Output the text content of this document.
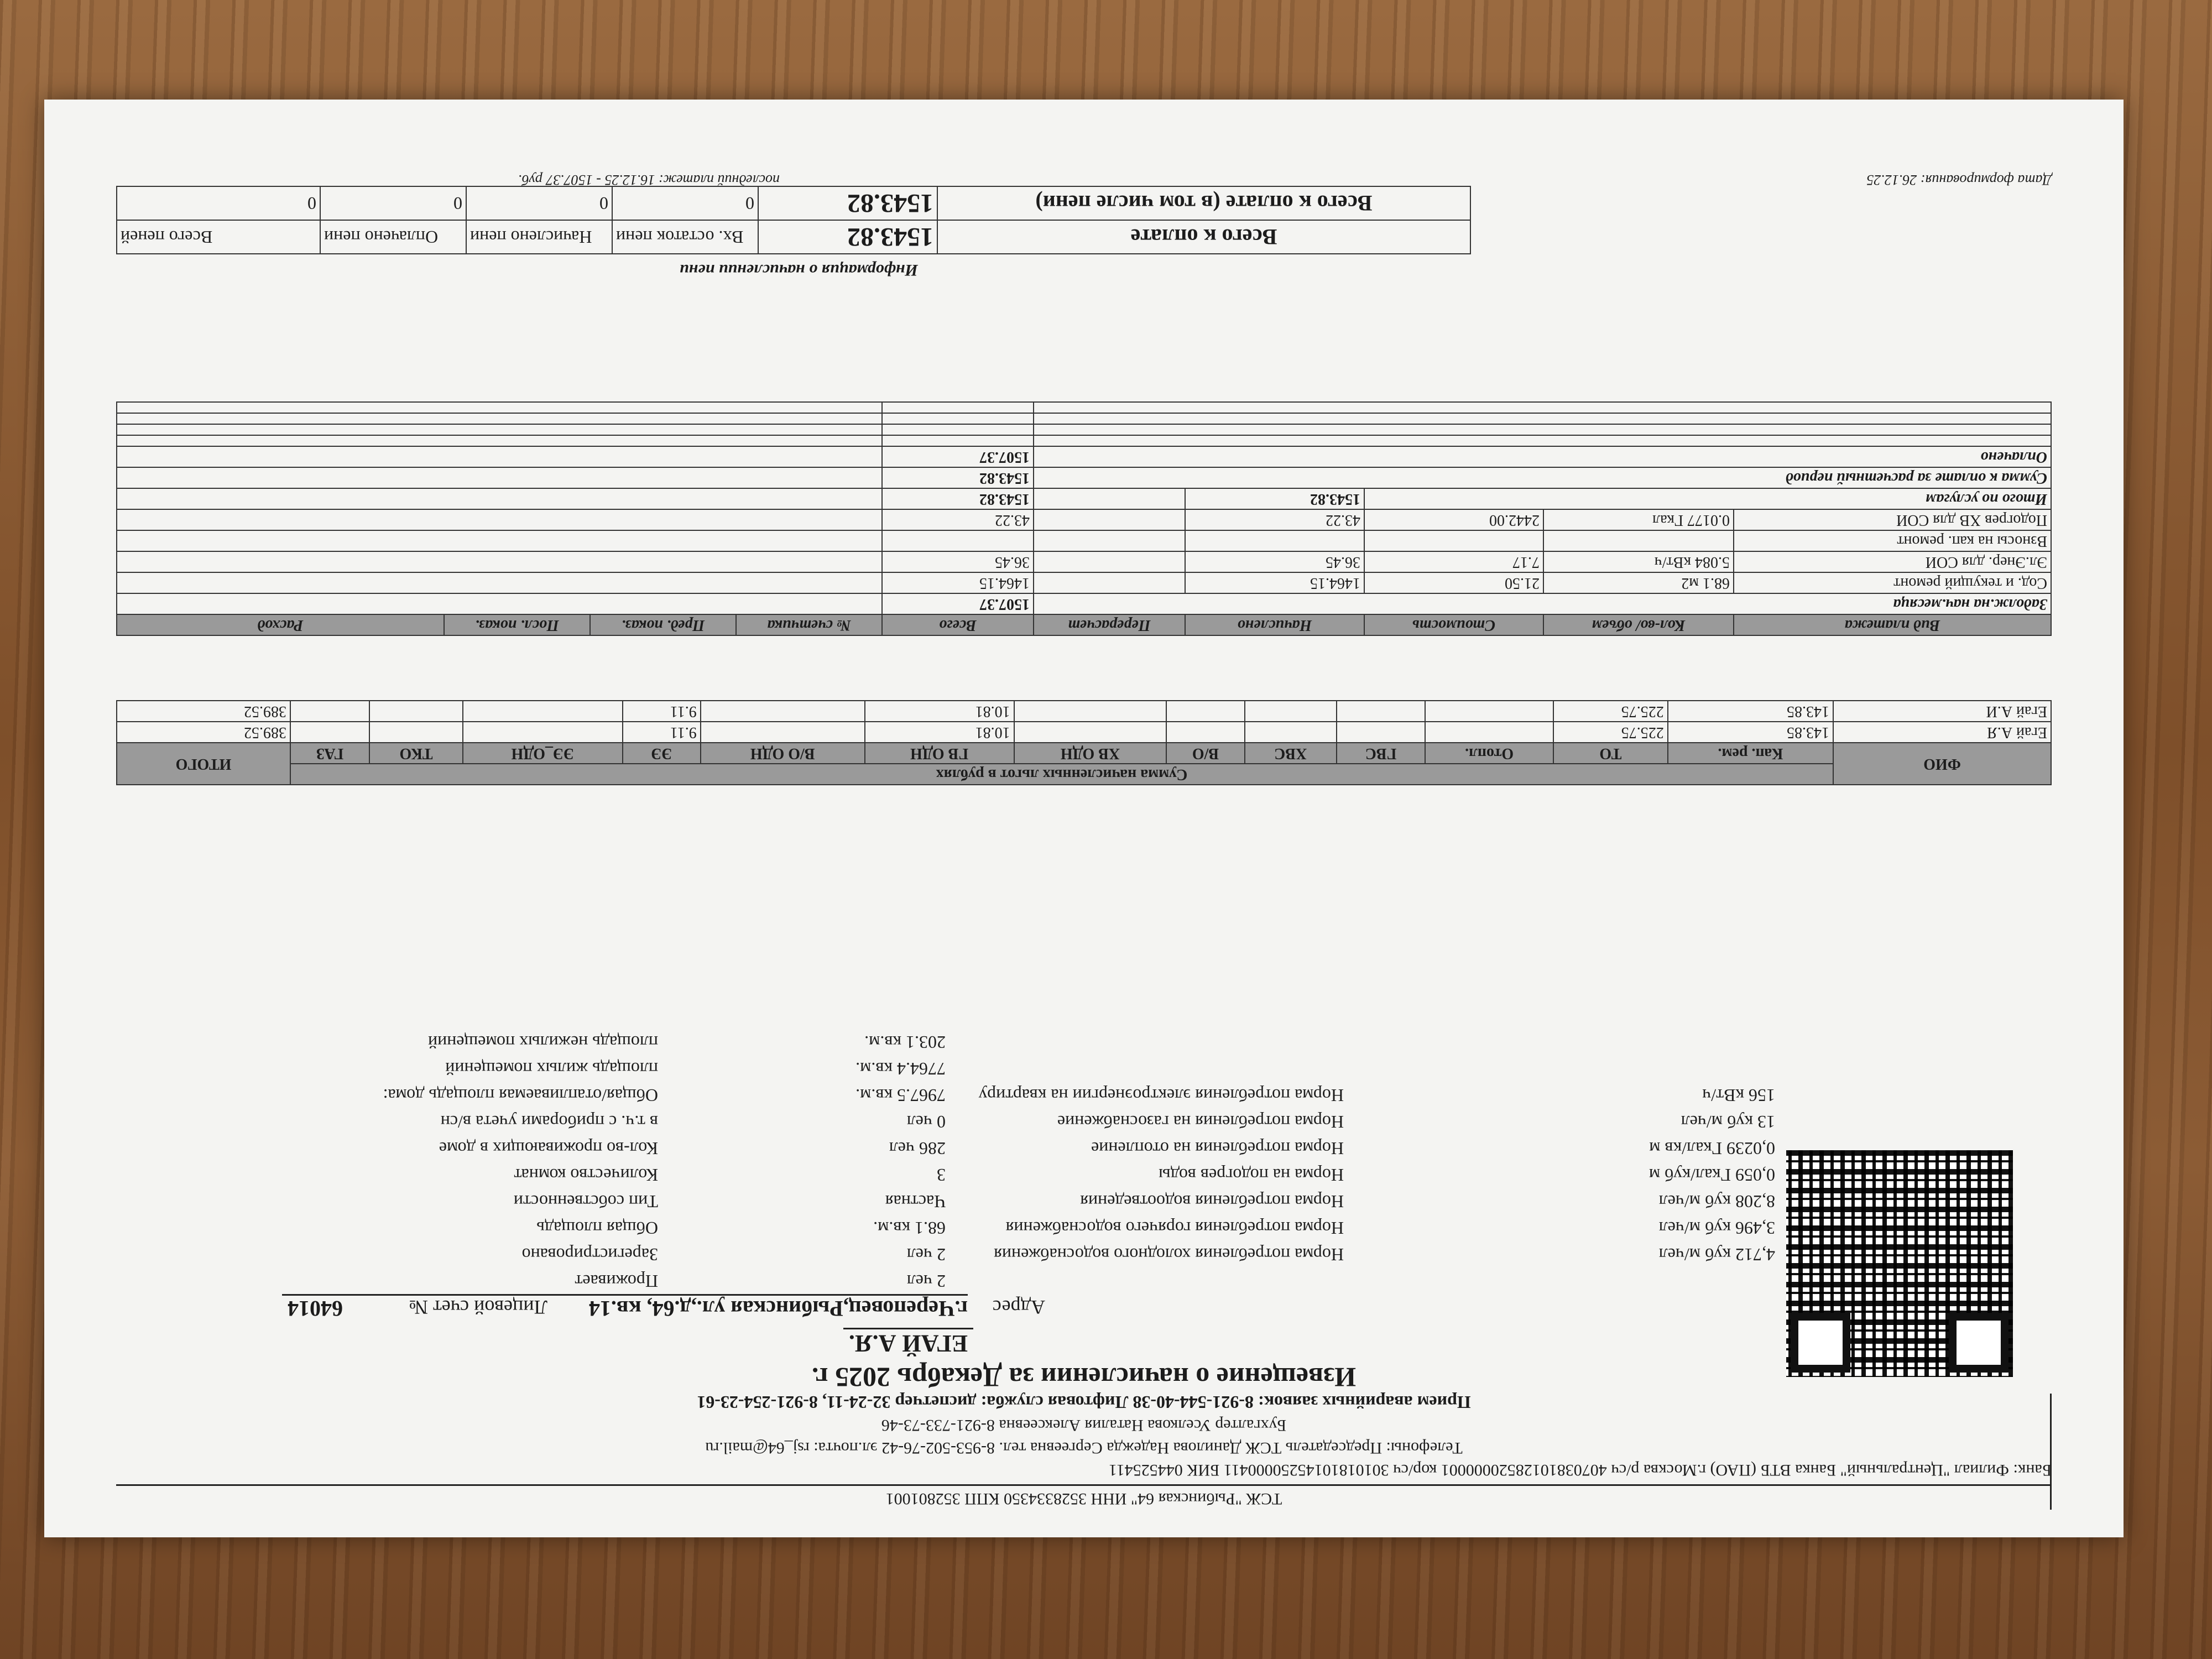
ТСЖ "Рыбинская 64" ИНН 3528334350 КПП 352801001
Банк: Филиал "Центральный" Банка ВТБ (ПАО) г.Москва р/сч 40703810128520000001 кор/сч 30101810145250000411 БИК 044525411
Телефоны: Председатель ТСЖ Данилова Надежда Сергеевна тел. 8-953-502-76-42 эл.почта: rsj_64@mail.ru
Бухгалтер Уселкова Наталия Алексеевна 8-921-733-73-46
Прием аварийных заявок: 8-921-544-40-38 Лифтовая служба: диспетчер 32-24-11, 8-921-254-23-61
Извещение о начислении за Декабрь 2025 г.
ЕГАЙ А.Я.
Адрес
г.Череповец,Рыбинская ул.,д.64, кв.14
Лицевой счет №
64014
Проживает	2 чел
Зарегистрировано	2 чел	Норма потребления холодного водоснабжения	4,712 куб м/чел
Общая площадь	68.1 кв.м.	Норма потребления горячего водоснабжения	3,496 куб м/чел
Тип собственности	Частная	Норма потребления водоотведения	8,208 куб м/чел
Количество комнат	3	Норма на подогрев воды	0,059 Гкал/куб м
Кол-во проживающих в доме	286 чел	Норма потребления на отопление	0,0239 Гкал/кв м
в т.ч. с приборами учета в/сн	0 чел	Норма потребления на газоснабжение	13 куб м/чел
Общая/отапливаемая площадь дома:	7967.5 кв.м.	Норма потребления электроэнергии на квартиру	156 кВт/ч
площадь жилых помещений	7764.4 кв.м.
площадь нежилых помещений	203.1 кв.м.
ФИО	Сумма начисленных льгот в рублях													ИТОГО
	Кап. рем.	ТО	Отопл.	ГВС	ХВС	В/О	ХВ ОДН	ГВ ОДН	В/О ОДН	ЭЭ	ЭЭ_ОДН	ТКО	ГАЗ	
Егай А.Я	143.85	225.75						10.81		9.11				389.52
Егай А.И	143.85	225.75						10.81		9.11				389.52
Вид платежа	Кол-во/ объем	Стоимость	Начислено	Перерасчет	Всего	№ счетчика	Пред. показ.	Посл. показ.	Расход
Задолж.на нач.месяца					1507.37				
Сод. и текущий ремонт	68.1 м2	21.50	1464.15		1464.15				
Эл.Энер. для СОИ	5.084 кВт/ч	7.17	36.45		36.45				
Взносы на кап. ремонт									
Подогрев ХВ для СОИ	0.0177 Гкал	2442.00	43.22		43.22				
Итого по услугам			1543.82		1543.82				
Сумма к оплате за расчетный период					1543.82				
Оплачено					1507.37				

Информация о начислении пени
Всего к оплате	1543.82	Вх. остаток пени	Начислено пени	Оплачено пени	Всего пеней
Всего к оплате (в том числе пени)	1543.82	0	0	0	0
Дата формирования: 26.12.25
последний платеж: 16.12.25 - 1507.37 руб.
